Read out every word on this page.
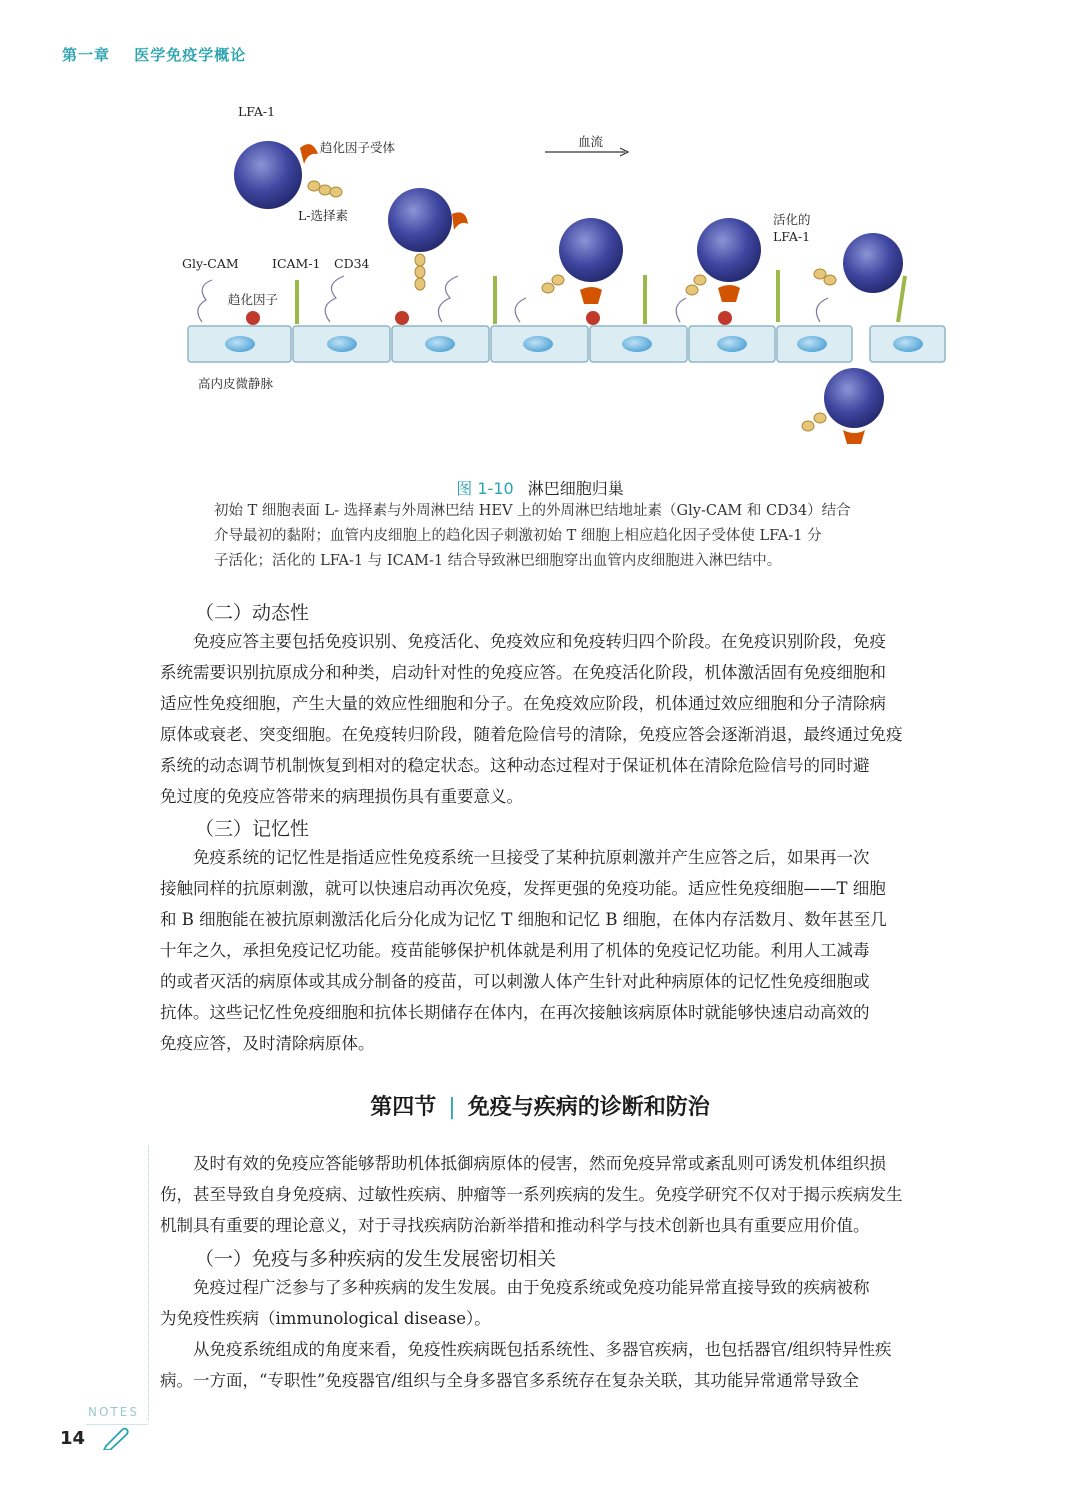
第一章 医学免疫学概论
LFA-1
趋化因子受体	血流
L-选择素	活化的
LFA-1
Gly-CAM	ICAM-1 CD34
趋化因子
高内皮微静脉
图 1-10 淋巴细胞归巢

初始 T 细胞表面 L- 选择素与外周淋巴结 HEV 上的外周淋巴结地址素（Gly-CAM 和 CD34）结合

介导最初的黏附；血管内皮细胞上的趋化因子刺激初始 T 细胞上相应趋化因子受体使 LFA-1 分

子活化；活化的 LFA-1 与 ICAM-1 结合导致淋巴细胞穿出血管内皮细胞进入淋巴结中。

（二）动态性

　　免疫应答主要包括免疫识别、免疫活化、免疫效应和免疫转归四个阶段。在免疫识别阶段，免疫

系统需要识别抗原成分和种类，启动针对性的免疫应答。在免疫活化阶段，机体激活固有免疫细胞和

适应性免疫细胞，产生大量的效应性细胞和分子。在免疫效应阶段，机体通过效应细胞和分子清除病

原体或衰老、突变细胞。在免疫转归阶段，随着危险信号的清除，免疫应答会逐渐消退，最终通过免疫

系统的动态调节机制恢复到相对的稳定状态。这种动态过程对于保证机体在清除危险信号的同时避

免过度的免疫应答带来的病理损伤具有重要意义。

（三）记忆性

　　免疫系统的记忆性是指适应性免疫系统一旦接受了某种抗原刺激并产生应答之后，如果再一次

接触同样的抗原刺激，就可以快速启动再次免疫，发挥更强的免疫功能。适应性免疫细胞——T 细胞

和 B 细胞能在被抗原刺激活化后分化成为记忆 T 细胞和记忆 B 细胞，在体内存活数月、数年甚至几

十年之久，承担免疫记忆功能。疫苗能够保护机体就是利用了机体的免疫记忆功能。利用人工减毒

的或者灭活的病原体或其成分制备的疫苗，可以刺激人体产生针对此种病原体的记忆性免疫细胞或

抗体。这些记忆性免疫细胞和抗体长期储存在体内，在再次接触该病原体时就能够快速启动高效的

免疫应答，及时清除病原体。

第四节 | 免疫与疾病的诊断和防治

　　及时有效的免疫应答能够帮助机体抵御病原体的侵害，然而免疫异常或紊乱则可诱发机体组织损

伤，甚至导致自身免疫病、过敏性疾病、肿瘤等一系列疾病的发生。免疫学研究不仅对于揭示疾病发生

机制具有重要的理论意义，对于寻找疾病防治新举措和推动科学与技术创新也具有重要应用价值。

（一）免疫与多种疾病的发生发展密切相关

　　免疫过程广泛参与了多种疾病的发生发展。由于免疫系统或免疫功能异常直接导致的疾病被称

为免疫性疾病（immunological disease）。

　　从免疫系统组成的角度来看，免疫性疾病既包括系统性、多器官疾病，也包括器官/组织特异性疾

病。一方面，“专职性”免疫器官/组织与全身多器官多系统存在复杂关联，其功能异常通常导致全

NOTES
14
